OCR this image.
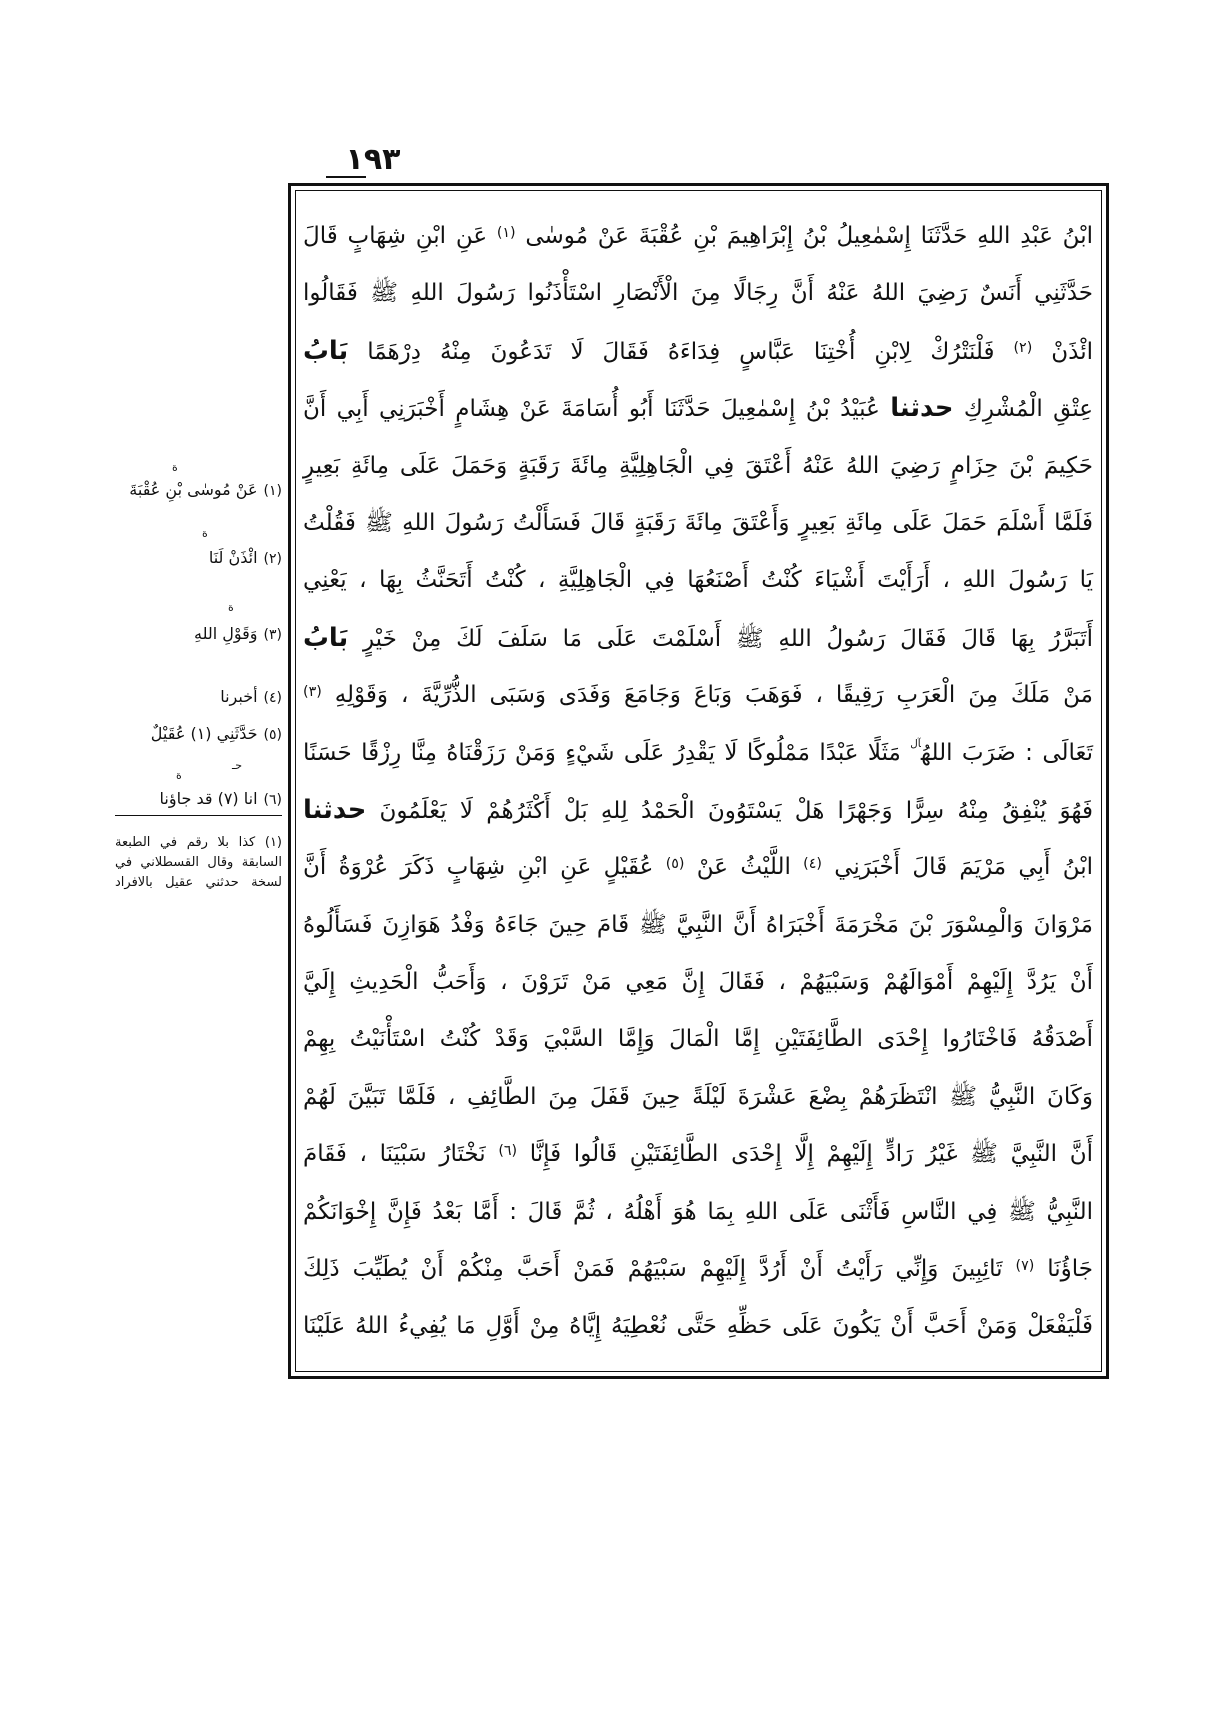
١٩٣
ابْنُ عَبْدِ اللهِ حَدَّثَنَا إِسْمٰعِيلُ بْنُ إِبْرَاهِيمَ بْنِ عُقْبَةَ عَنْ مُوسٰى $^{(١)}$ عَنِ ابْنِ شِهَابٍ قَالَ
حَدَّثَنِي أَنَسٌ رَضِيَ اللهُ عَنْهُ أَنَّ رِجَالًا مِنَ الْأَنْصَارِ اسْتَأْذَنُوا رَسُولَ اللهِ ﷺ فَقَالُوا
ائْذَنْ $^{(٢)}$ فَلْنَتْرُكْ لِابْنِ أُخْتِنَا عَبَّاسٍ فِدَاءَهُ فَقَالَ لَا تَدَعُونَ مِنْهُ دِرْهَمًا بَابُ
عِتْقِ الْمُشْرِكِ حدثنا عُبَيْدُ بْنُ إِسْمٰعِيلَ حَدَّثَنَا أَبُو أُسَامَةَ عَنْ هِشَامٍ أَخْبَرَنِي أَبِي أَنَّ
حَكِيمَ بْنَ حِزَامٍ رَضِيَ اللهُ عَنْهُ أَعْتَقَ فِي الْجَاهِلِيَّةِ مِائَةَ رَقَبَةٍ وَحَمَلَ عَلَى مِائَةِ بَعِيرٍ
فَلَمَّا أَسْلَمَ حَمَلَ عَلَى مِائَةِ بَعِيرٍ وَأَعْتَقَ مِائَةَ رَقَبَةٍ قَالَ فَسَأَلْتُ رَسُولَ اللهِ ﷺ فَقُلْتُ
يَا رَسُولَ اللهِ ، أَرَأَيْتَ أَشْيَاءَ كُنْتُ أَصْنَعُهَا فِي الْجَاهِلِيَّةِ ، كُنْتُ أَتَحَنَّثُ بِهَا ، يَعْنِي
أَتَبَرَّرُ بِهَا قَالَ فَقَالَ رَسُولُ اللهِ ﷺ أَسْلَمْتَ عَلَى مَا سَلَفَ لَكَ مِنْ خَيْرٍ بَابُ
مَنْ مَلَكَ مِنَ الْعَرَبِ رَقِيقًا ، فَوَهَبَ وَبَاعَ وَجَامَعَ وَفَدَى وَسَبَى الذُّرِّيَّةَ ، وَقَوْلِهِ $^{(٣)}$
تَعَالَى : ضَرَبَ اللهُ$^{آل}$ مَثَلًا عَبْدًا مَمْلُوكًا لَا يَقْدِرُ عَلَى شَيْءٍ وَمَنْ رَزَقْنَاهُ مِنَّا رِزْقًا حَسَنًا
فَهُوَ يُنْفِقُ مِنْهُ سِرًّا وَجَهْرًا هَلْ يَسْتَوُونَ الْحَمْدُ لِلهِ بَلْ أَكْثَرُهُمْ لَا يَعْلَمُونَ حدثنا
ابْنُ أَبِي مَرْيَمَ قَالَ أَخْبَرَنِي $^{(٤)}$ اللَّيْثُ عَنْ $^{(٥)}$ عُقَيْلٍ عَنِ ابْنِ شِهَابٍ ذَكَرَ عُرْوَةُ أَنَّ
مَرْوَانَ وَالْمِسْوَرَ بْنَ مَخْرَمَةَ أَخْبَرَاهُ أَنَّ النَّبِيَّ ﷺ قَامَ حِينَ جَاءَهُ وَفْدُ هَوَازِنَ فَسَأَلُوهُ
أَنْ يَرُدَّ إِلَيْهِمْ أَمْوَالَهُمْ وَسَبْيَهُمْ ، فَقَالَ إِنَّ مَعِي مَنْ تَرَوْنَ ، وَأَحَبُّ الْحَدِيثِ إِلَيَّ
أَصْدَقُهُ فَاخْتَارُوا إِحْدَى الطَّائِفَتَيْنِ إِمَّا الْمَالَ وَإِمَّا السَّبْيَ وَقَدْ كُنْتُ اسْتَأْنَيْتُ بِهِمْ
وَكَانَ النَّبِيُّ ﷺ انْتَظَرَهُمْ بِضْعَ عَشْرَةَ لَيْلَةً حِينَ قَفَلَ مِنَ الطَّائِفِ ، فَلَمَّا تَبَيَّنَ لَهُمْ
أَنَّ النَّبِيَّ ﷺ غَيْرُ رَادٍّ إِلَيْهِمْ إِلَّا إِحْدَى الطَّائِفَتَيْنِ قَالُوا فَإِنَّا $^{(٦)}$ نَخْتَارُ سَبْيَنَا ، فَقَامَ
النَّبِيُّ ﷺ فِي النَّاسِ فَأَثْنَى عَلَى اللهِ بِمَا هُوَ أَهْلُهُ ، ثُمَّ قَالَ : أَمَّا بَعْدُ فَإِنَّ إِخْوَانَكُمْ
جَاؤُنَا $^{(٧)}$ تَائِبِينَ وَإِنِّي رَأَيْتُ أَنْ أَرُدَّ إِلَيْهِمْ سَبْيَهُمْ فَمَنْ أَحَبَّ مِنْكُمْ أَنْ يُطَيِّبَ ذَلِكَ
فَلْيَفْعَلْ وَمَنْ أَحَبَّ أَنْ يَكُونَ عَلَى حَظِّهِ حَتَّى نُعْطِيَهُ إِيَّاهُ مِنْ أَوَّلِ مَا يُفِيءُ اللهُ عَلَيْنَا
(١)عَنْ مُوسٰى بْنِ عُقْبَةَ
(٢)ائْذَنْ لَنَا
(٣)وَقَوْلِ اللهِ
(٤)أخبرنا
(٥)حَدَّثَنِي (١) عُقَيْلٌ
(٦)انا (٧) قد جاؤنا
ة
ة
ة
حـ
ة
(١) كذا بلا رقم في الطبعة
السابقة وقال القسطلاني في
لسخة حدثني عقيل بالافراد
